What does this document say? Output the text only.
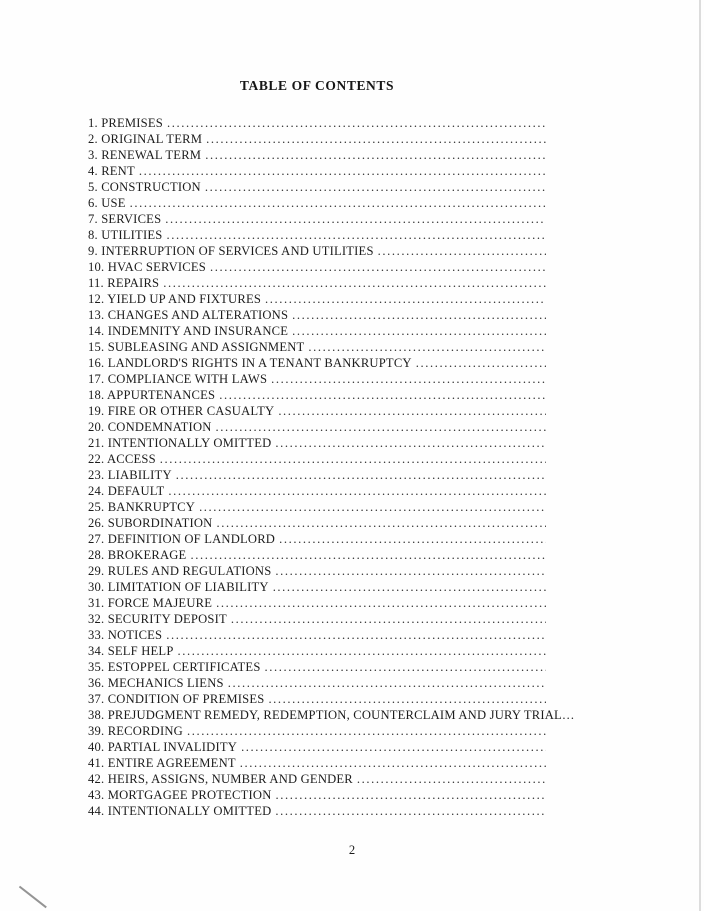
TABLE OF CONTENTS
1. PREMISES
.....
2. ORIGINAL TERM
.....
3. RENEWAL TERM
.....
4. RENT
.....
5. CONSTRUCTION
.....
6. USE
.....
7. SERVICES
.....
8. UTILITIES
.....
9. INTERRUPTION OF SERVICES AND UTILITIES
.....
10. HVAC SERVICES
.....
11. REPAIRS
.....
12. YIELD UP AND FIXTURES
.....
13. CHANGES AND ALTERATIONS
.....
14. INDEMNITY AND INSURANCE
.....
15. SUBLEASING AND ASSIGNMENT
.....
16. LANDLORD'S RIGHTS IN A TENANT BANKRUPTCY
.....
17. COMPLIANCE WITH LAWS
.....
18. APPURTENANCES
.....
19. FIRE OR OTHER CASUALTY
.....
20. CONDEMNATION
.....
21. INTENTIONALLY OMITTED
.....
22. ACCESS
.....
23. LIABILITY
.....
24. DEFAULT
.....
25. BANKRUPTCY
.....
26. SUBORDINATION
.....
27. DEFINITION OF LANDLORD
.....
28. BROKERAGE
.....
29. RULES AND REGULATIONS
.....
30. LIMITATION OF LIABILITY
.....
31. FORCE MAJEURE
.....
32. SECURITY DEPOSIT
.....
33. NOTICES
.....
34. SELF HELP
.....
35. ESTOPPEL CERTIFICATES
.....
36. MECHANICS LIENS
.....
37. CONDITION OF PREMISES
.....
38. PREJUDGMENT REMEDY, REDEMPTION, COUNTERCLAIM AND JURY TRIAL…
39. RECORDING
.....
40. PARTIAL INVALIDITY
.....
41. ENTIRE AGREEMENT
.....
42. HEIRS, ASSIGNS, NUMBER AND GENDER
.....
43. MORTGAGEE PROTECTION
.....
44. INTENTIONALLY OMITTED
.....
2
